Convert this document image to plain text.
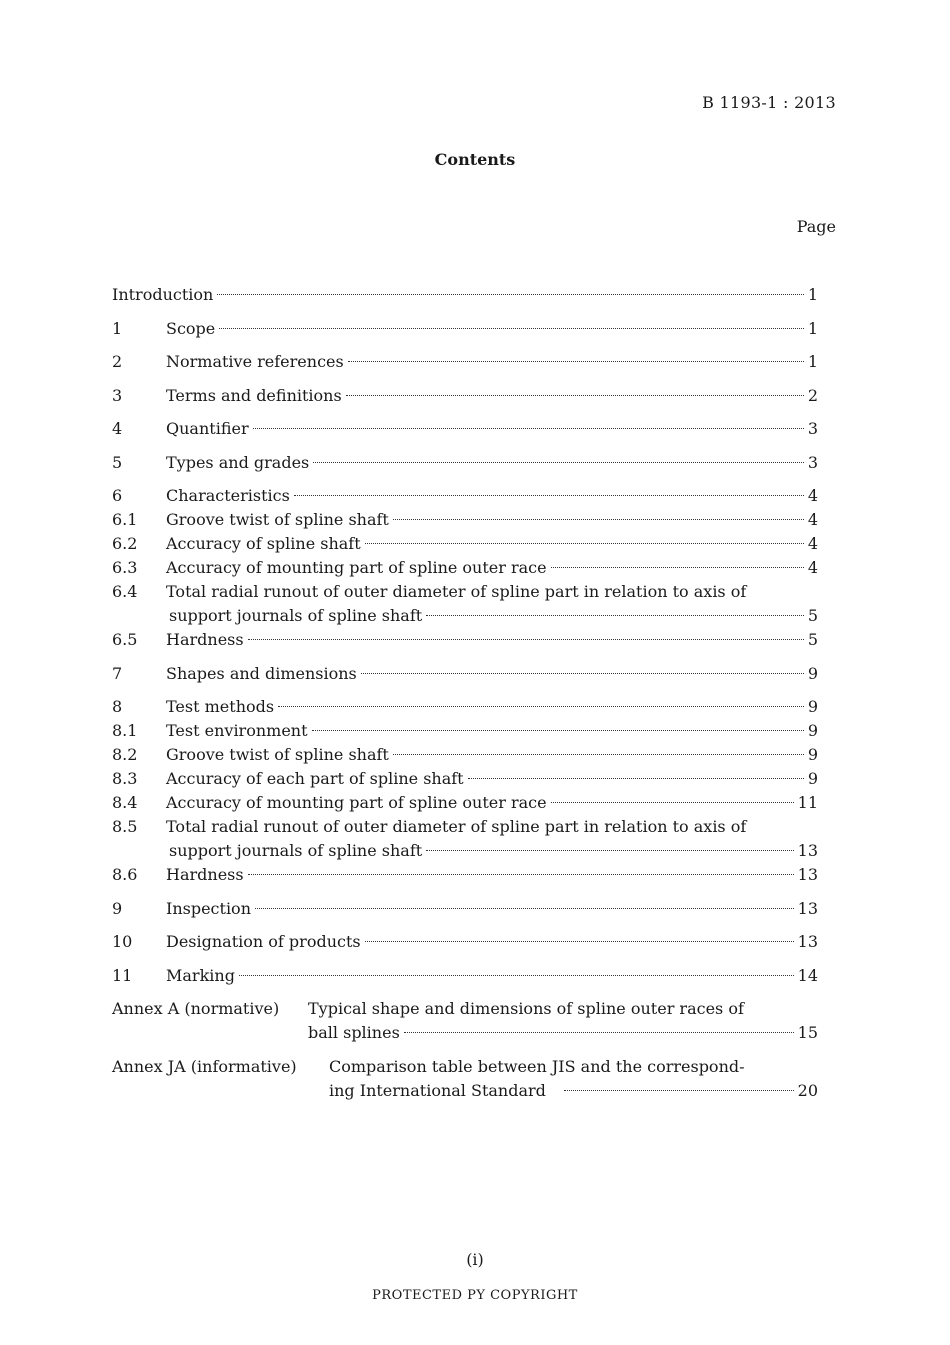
B 1193-1 : 2013
Contents
Page
Introduction	1
1	Scope	1
2	Normative references	1
3	Terms and definitions	2
4	Quantifier	3
5	Types and grades	3
6	Characteristics	4
6.1	Groove twist of spline shaft	4
6.2	Accuracy of spline shaft	4
6.3	Accuracy of mounting part of spline outer race	4
6.4	Total radial runout of outer diameter of spline part in relation to axis of
support journals of spline shaft	5
6.5	Hardness	5
7	Shapes and dimensions	9
8	Test methods	9
8.1	Test environment	9
8.2	Groove twist of spline shaft	9
8.3	Accuracy of each part of spline shaft	9
8.4	Accuracy of mounting part of spline outer race	11
8.5	Total radial runout of outer diameter of spline part in relation to axis of
support journals of spline shaft	13
8.6	Hardness	13
9	Inspection	13
10	Designation of products	13
11	Marking	14
Annex A (normative)	Typical shape and dimensions of spline outer races of
ball splines	15
Annex JA (informative)	Comparison table between JIS and the correspond-
ing International Standard	20
(i)
PROTECTED PY COPYRIGHT
